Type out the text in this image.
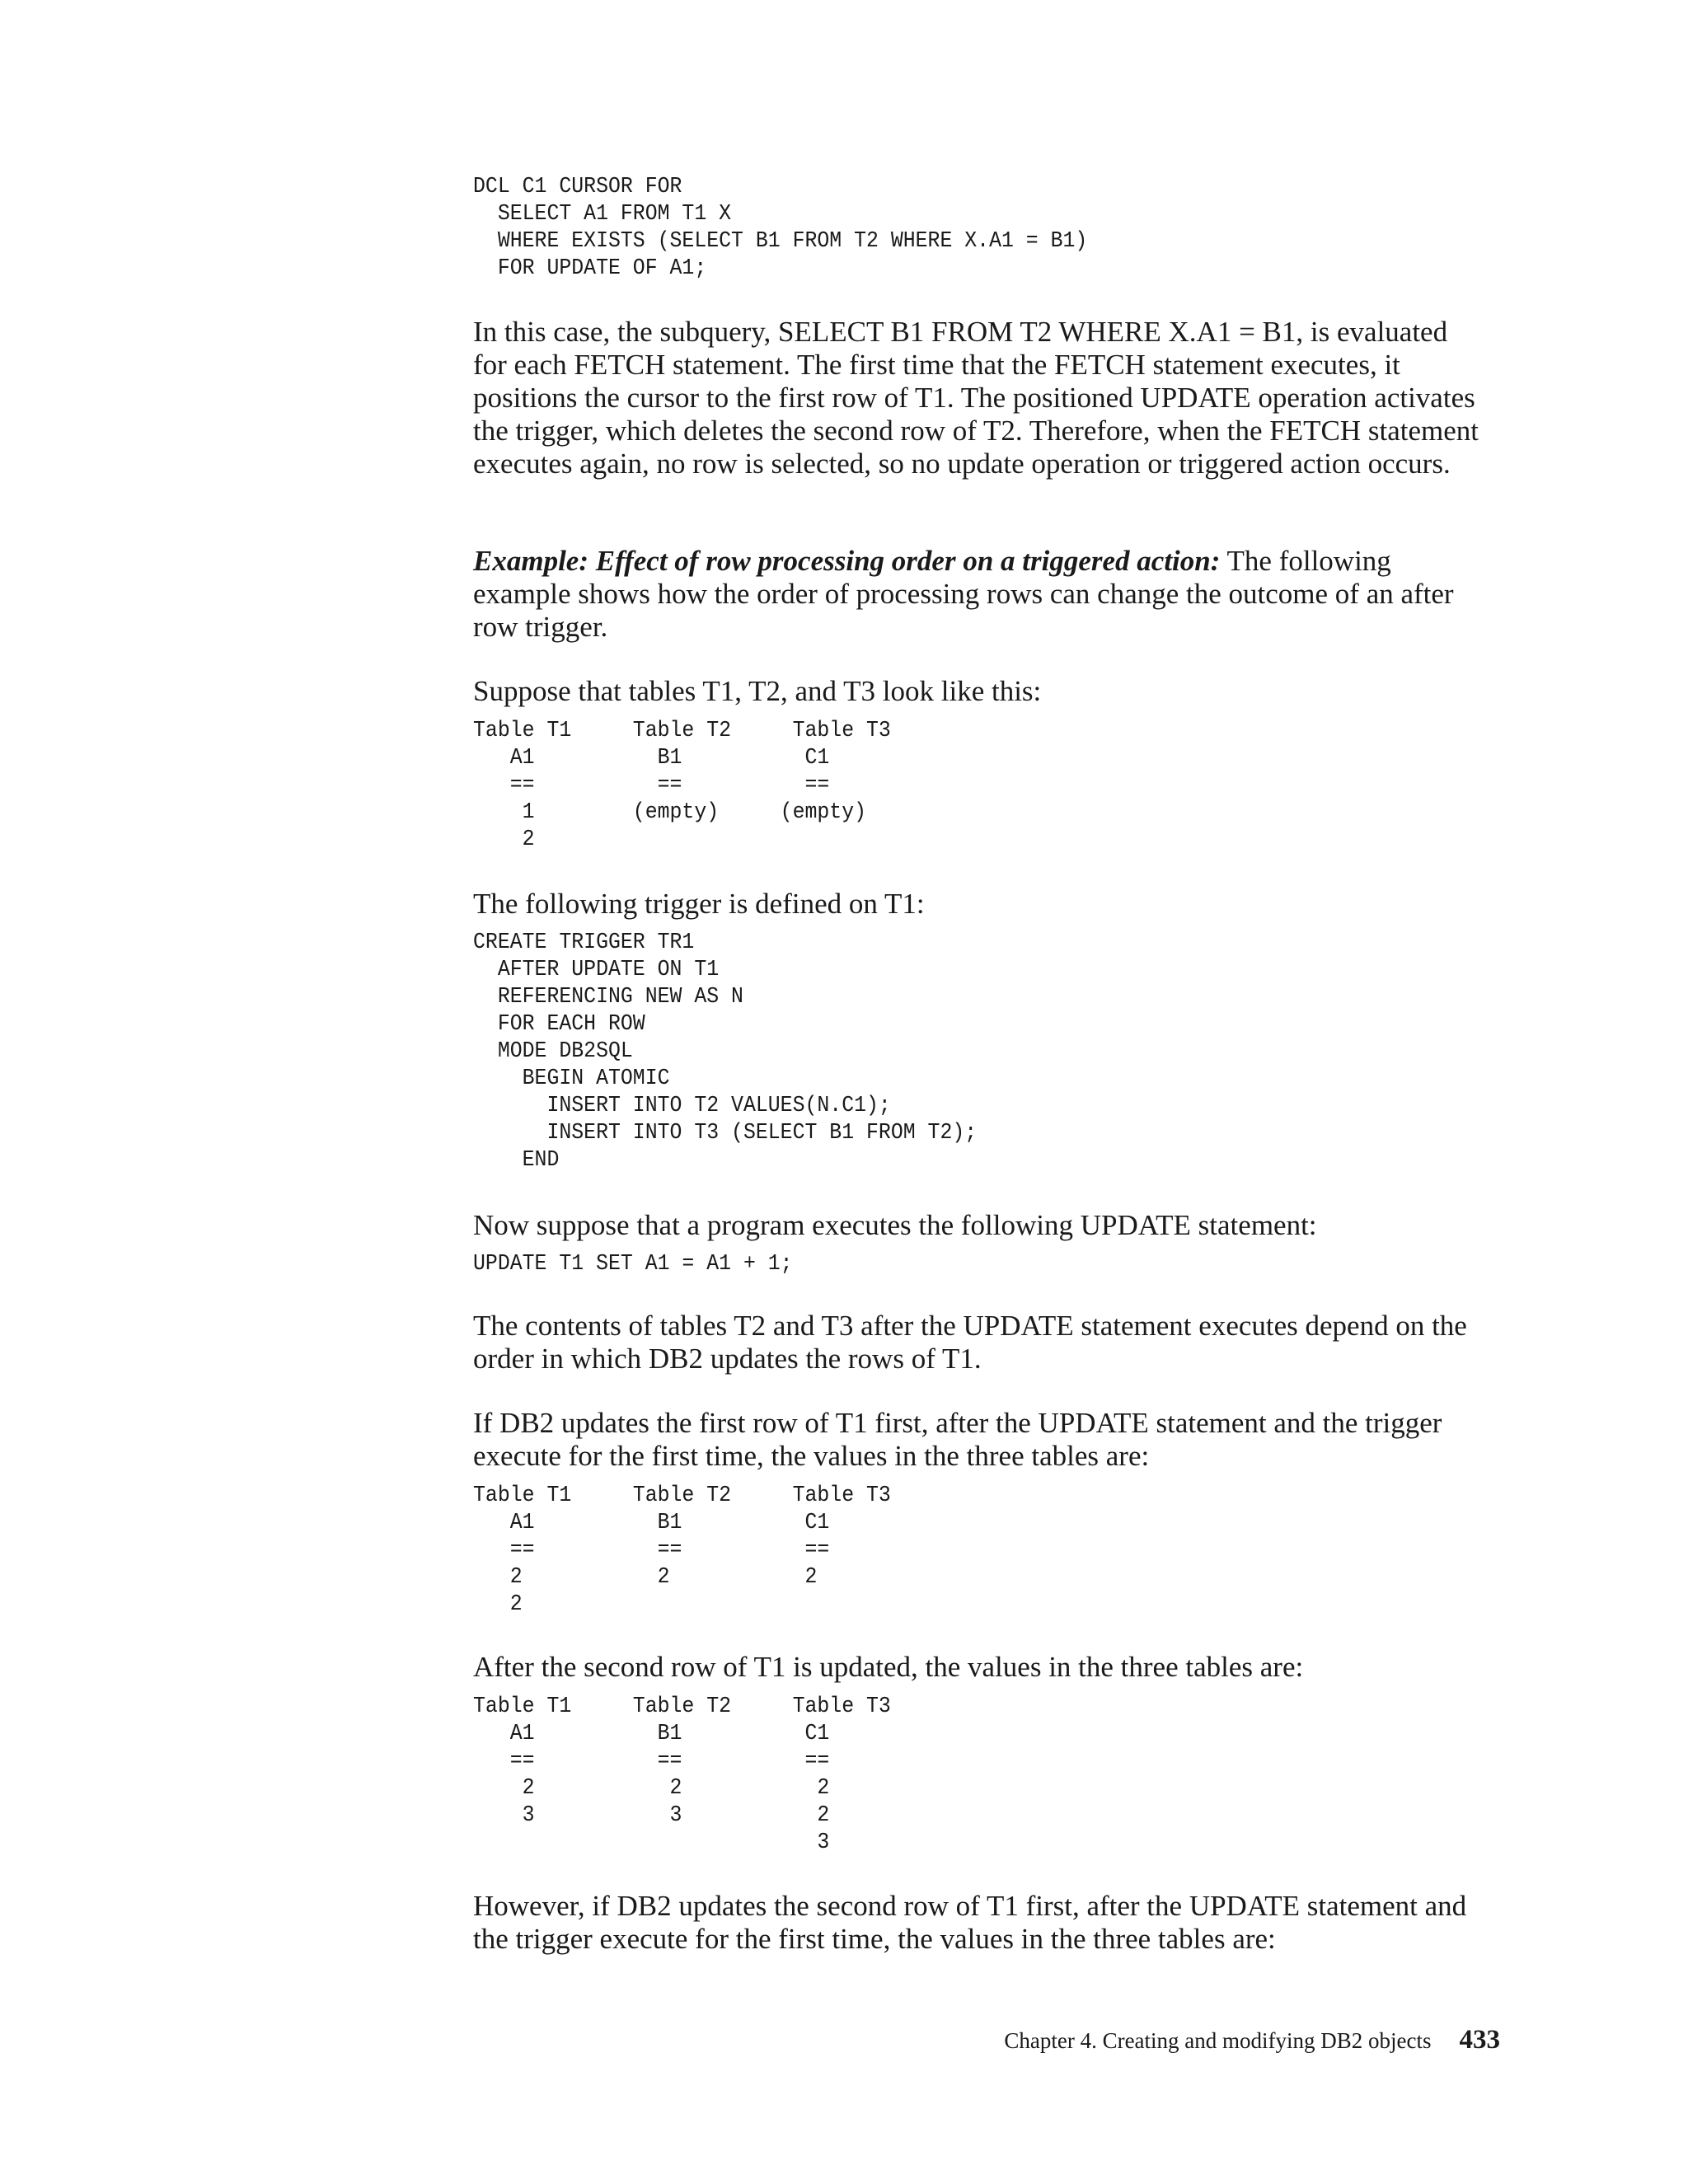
DCL C1 CURSOR FOR
SELECT A1 FROM T1 X
WHERE EXISTS (SELECT B1 FROM T2 WHERE X.A1 = B1)
FOR UPDATE OF A1;

In this case, the subquery, SELECT B1 FROM T2 WHERE X.A1 = B1, is evaluated for each FETCH statement. The first time that the FETCH statement executes, it positions the cursor to the first row of T1. The positioned UPDATE operation activates the trigger, which deletes the second row of T2. Therefore, when the FETCH statement executes again, no row is selected, so no update operation or triggered action occurs.

Example: Effect of row processing order on a triggered action: The following example shows how the order of processing rows can change the outcome of an after row trigger.

Suppose that tables T1, T2, and T3 look like this:

Table T1     Table T2     Table T3
A1          B1          C1
==          ==          ==
1        (empty)     (empty)
2

The following trigger is defined on T1:

CREATE TRIGGER TR1
AFTER UPDATE ON T1
REFERENCING NEW AS N
FOR EACH ROW
MODE DB2SQL
BEGIN ATOMIC
INSERT INTO T2 VALUES(N.C1);
INSERT INTO T3 (SELECT B1 FROM T2);
END

Now suppose that a program executes the following UPDATE statement:

UPDATE T1 SET A1 = A1 + 1;

The contents of tables T2 and T3 after the UPDATE statement executes depend on the order in which DB2 updates the rows of T1.

If DB2 updates the first row of T1 first, after the UPDATE statement and the trigger execute for the first time, the values in the three tables are:

Table T1     Table T2     Table T3
A1          B1          C1
==          ==          ==
2           2           2
2

After the second row of T1 is updated, the values in the three tables are:

Table T1     Table T2     Table T3
A1          B1          C1
==          ==          ==
2           2           2
3           3           2
3

However, if DB2 updates the second row of T1 first, after the UPDATE statement and the trigger execute for the first time, the values in the three tables are:

Chapter 4. Creating and modifying DB2 objects 433
